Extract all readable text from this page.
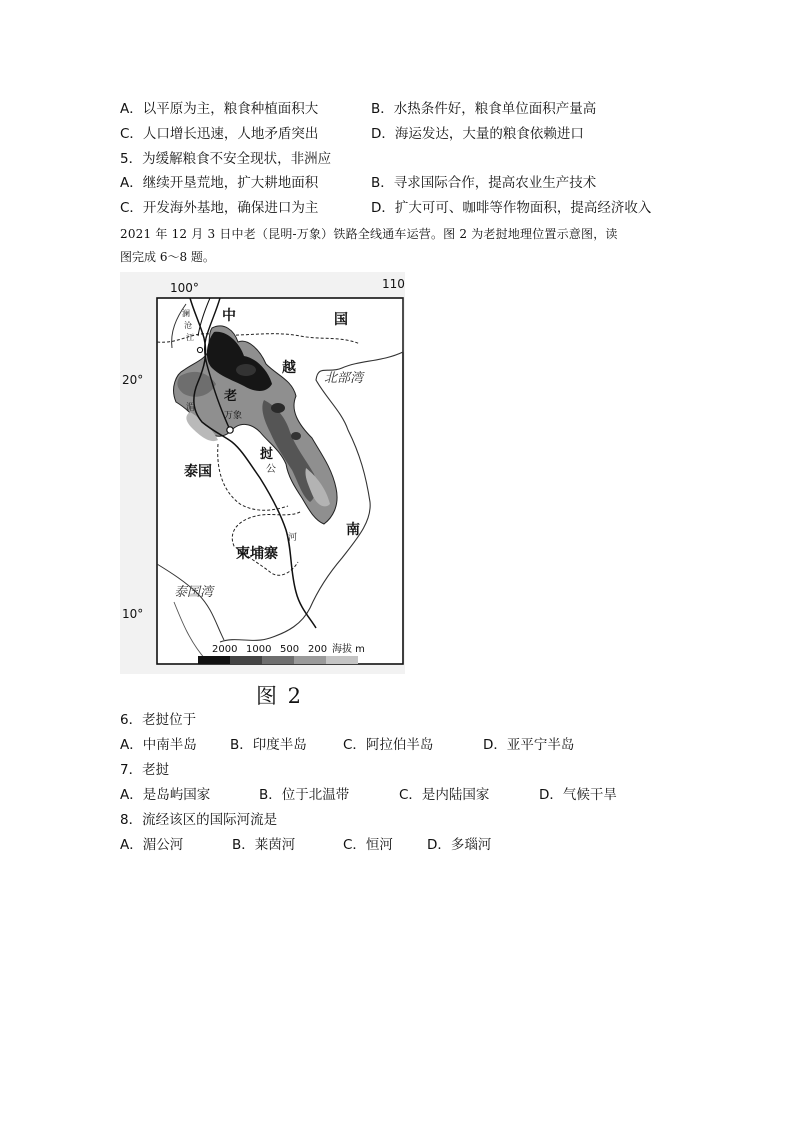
A．以平原为主，粮食种植面积大	B．水热条件好，粮食单位面积产量高
C．人口增长迅速，人地矛盾突出	D．海运发达，大量的粮食依赖进口
5．为缓解粮食不安全现状，非洲应
A．继续开垦荒地，扩大耕地面积	B．寻求国际合作，提高农业生产技术
C．开发海外基地，确保进口为主	D．扩大可可、咖啡等作物面积，提高经济收入
2021 年 12 月 3 日中老（昆明-万象）铁路全线通车运营。图 2 为老挝地理位置示意图，读
图完成 6～8 题。
100°	110
20°
10°
中	国
越
南
老
挝
泰国
柬埔寨
北部湾
泰国湾
澜
沧
江
湄
公
河
万象
2000 1000 500 200 海拔 m
图 2
6．老挝位于
A．中南半岛 B．印度半岛	C．阿拉伯半岛	D．亚平宁半岛
7．老挝
A．是岛屿国家	B．位于北温带	C．是内陆国家	D．气候干旱
8．流经该区的国际河流是
A．湄公河	B．莱茵河	C．恒河	D．多瑙河
